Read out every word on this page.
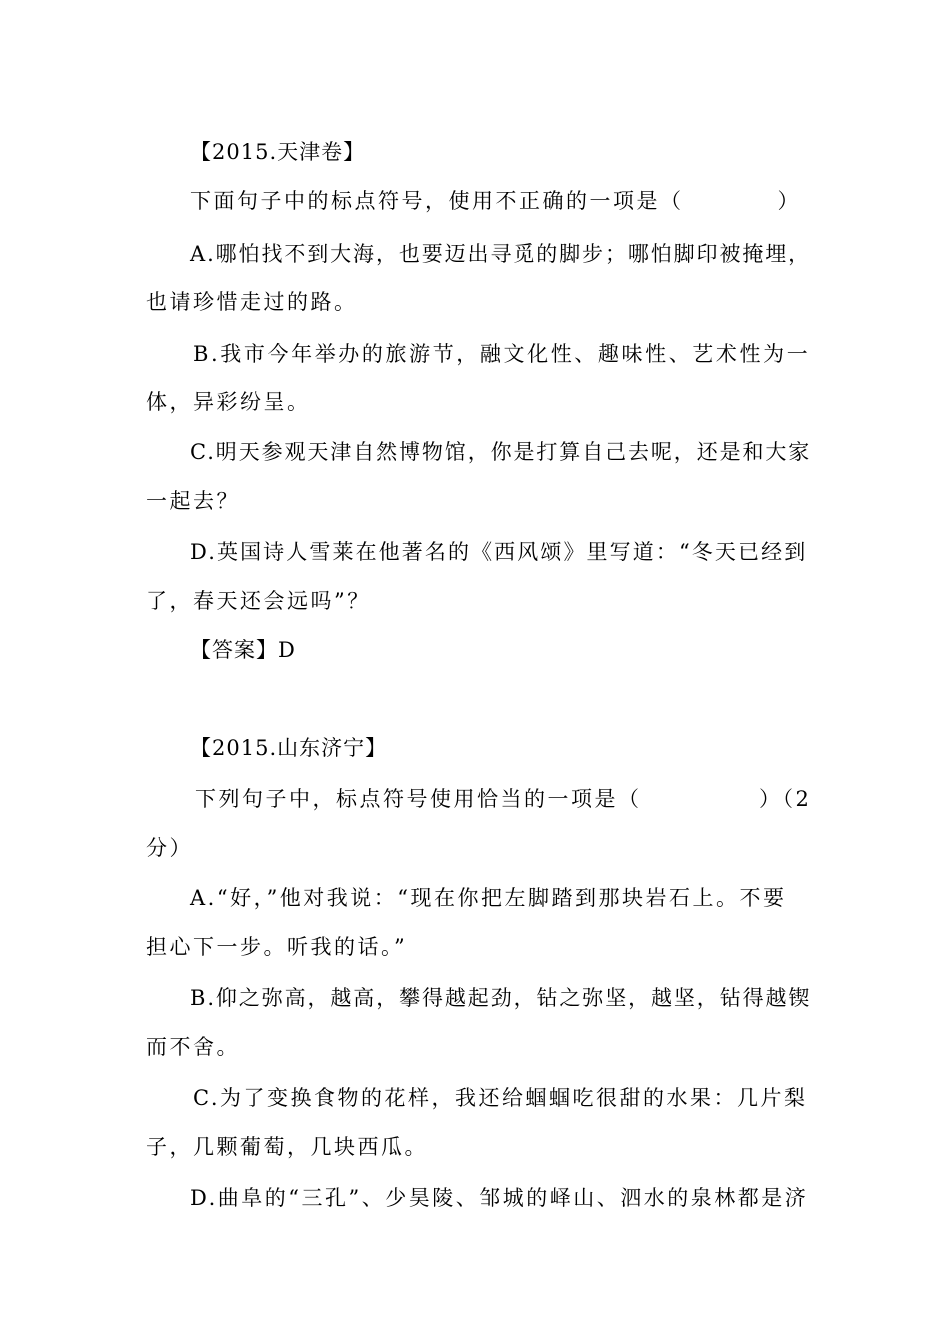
【2015.天津卷】
下面句子中的标点符号，使用不正确的一项是（　　　　）
A.哪怕找不到大海，也要迈出寻觅的脚步；哪怕脚印被掩埋，
也请珍惜走过的路。
B.我市今年举办的旅游节，融文化性、趣味性、艺术性为一
体，异彩纷呈。
C.明天参观天津自然博物馆，你是打算自己去呢，还是和大家
一起去？
D.英国诗人雪莱在他著名的《西风颂》里写道：“冬天已经到
了，春天还会远吗”？
【答案】D
【2015.山东济宁】
下列句子中，标点符号使用恰当的一项是（　　　　　）（2
分）
A.“好，”他对我说：“现在你把左脚踏到那块岩石上。不要
担心下一步。听我的话。”
B.仰之弥高，越高，攀得越起劲，钻之弥坚，越坚，钻得越锲
而不舍。
C.为了变换食物的花样，我还给蝈蝈吃很甜的水果：几片梨
子，几颗葡萄，几块西瓜。
D.曲阜的“三孔”、少昊陵、邹城的峄山、泗水的泉林都是济
